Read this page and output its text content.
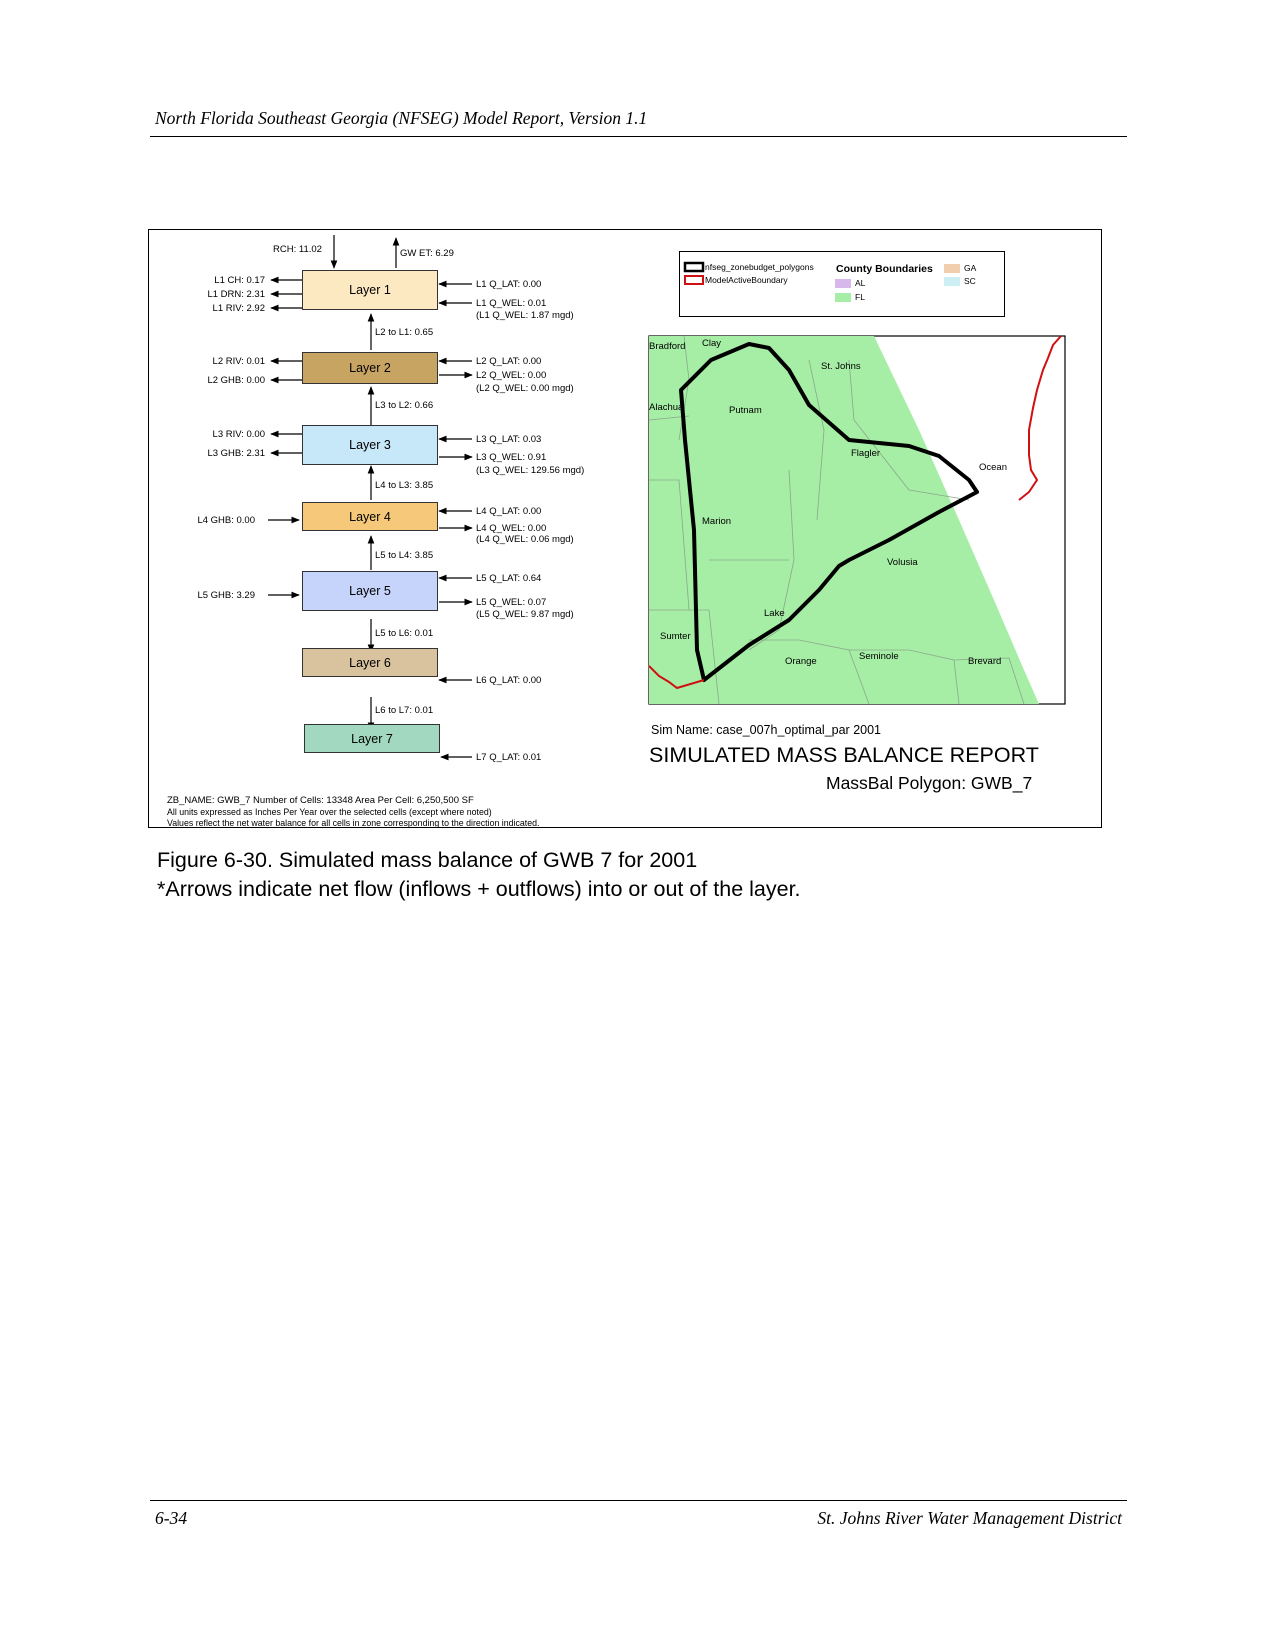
North Florida Southeast Georgia (NFSEG) Model Report, Version 1.1
RCH: 11.02	GW ET: 6.29
Layer 1
Layer 2
Layer 3
Layer 4
Layer 5
Layer 6
Layer 7
L1 CH: 0.17
L1 DRN: 2.31
L1 RIV: 2.92
L2 RIV: 0.01
L2 GHB: 0.00
L3 RIV: 0.00
L3 GHB: 2.31
L4 GHB: 0.00
L5 GHB: 3.29
L1 Q_LAT: 0.00
L1 Q_WEL: 0.01
(L1 Q_WEL: 1.87 mgd)
L2 Q_LAT: 0.00
L2 Q_WEL: 0.00
(L2 Q_WEL: 0.00 mgd)
L3 Q_LAT: 0.03
L3 Q_WEL: 0.91
(L3 Q_WEL: 129.56 mgd)
L4 Q_LAT: 0.00
L4 Q_WEL: 0.00
(L4 Q_WEL: 0.06 mgd)
L5 Q_LAT: 0.64
L5 Q_WEL: 0.07
(L5 Q_WEL: 9.87 mgd)
L6 Q_LAT: 0.00
L7 Q_LAT: 0.01
L2 to L1: 0.65
L3 to L2: 0.66
L4 to L3: 3.85
L5 to L4: 3.85
L5 to L6: 0.01
L6 to L7: 0.01
ZB_NAME: GWB_7 Number of Cells: 13348 Area Per Cell: 6,250,500 SF
All units expressed as Inches Per Year over the selected cells (except where noted)
Values reflect the net water balance for all cells in zone corresponding to the direction indicated.
nfseg_zonebudget_polygons
ModelActiveBoundary
County Boundaries
AL
FL
GA
SC
Bradford Clay
St. Johns
Alachua	Putnam
Flagler
Ocean
Marion
Volusia
Lake
Sumter
Orange	Seminole	Brevard
Sim Name: case_007h_optimal_par 2001
SIMULATED MASS BALANCE REPORT
MassBal Polygon: GWB_7
Figure 6-30. Simulated mass balance of GWB 7 for 2001
*Arrows indicate net flow (inflows + outflows) into or out of the layer.
6-34	St. Johns River Water Management District
